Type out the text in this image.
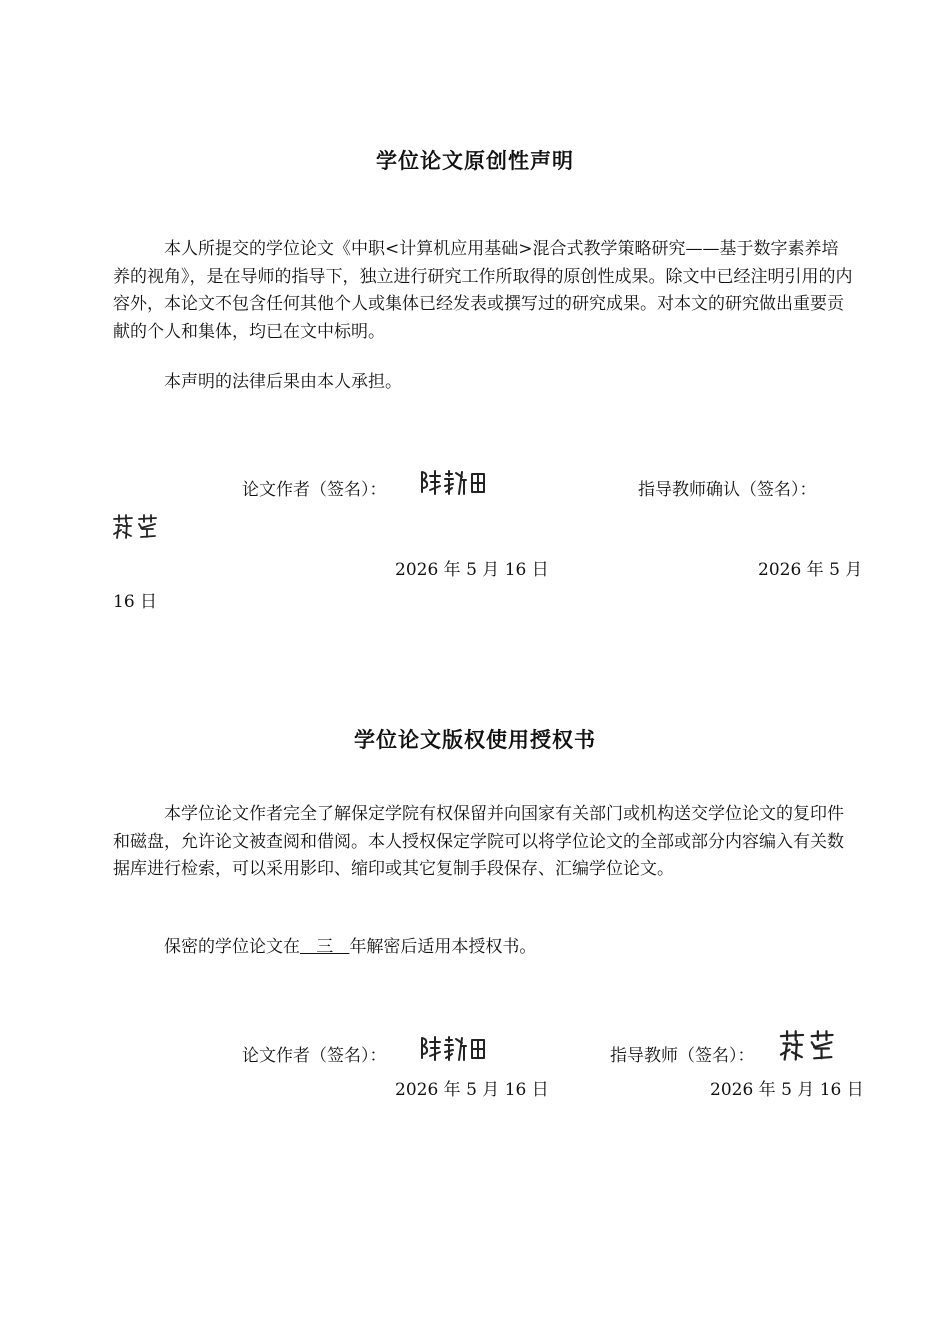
学位论文原创性声明
本人所提交的学位论文《中职<计算机应用基础>混合式教学策略研究——基于数字素养培养的视角》，是在导师的指导下，独立进行研究工作所取得的原创性成果。除文中已经注明引用的内容外，本论文不包含任何其他个人或集体已经发表或撰写过的研究成果。对本文的研究做出重要贡献的个人和集体，均已在文中标明。
本声明的法律后果由本人承担。
论文作者（签名）：	指导教师确认（签名）：
2026 年 5 月 16 日	2026 年 5 月
16 日
学位论文版权使用授权书
本学位论文作者完全了解保定学院有权保留并向国家有关部门或机构送交学位论文的复印件和磁盘，允许论文被查阅和借阅。本人授权保定学院可以将学位论文的全部或部分内容编入有关数据库进行检索，可以采用影印、缩印或其它复制手段保存、汇编学位论文。
保密的学位论文在   三   年解密后适用本授权书。
论文作者（签名）：	指导教师（签名）：
2026 年 5 月 16 日	2026 年 5 月 16 日
